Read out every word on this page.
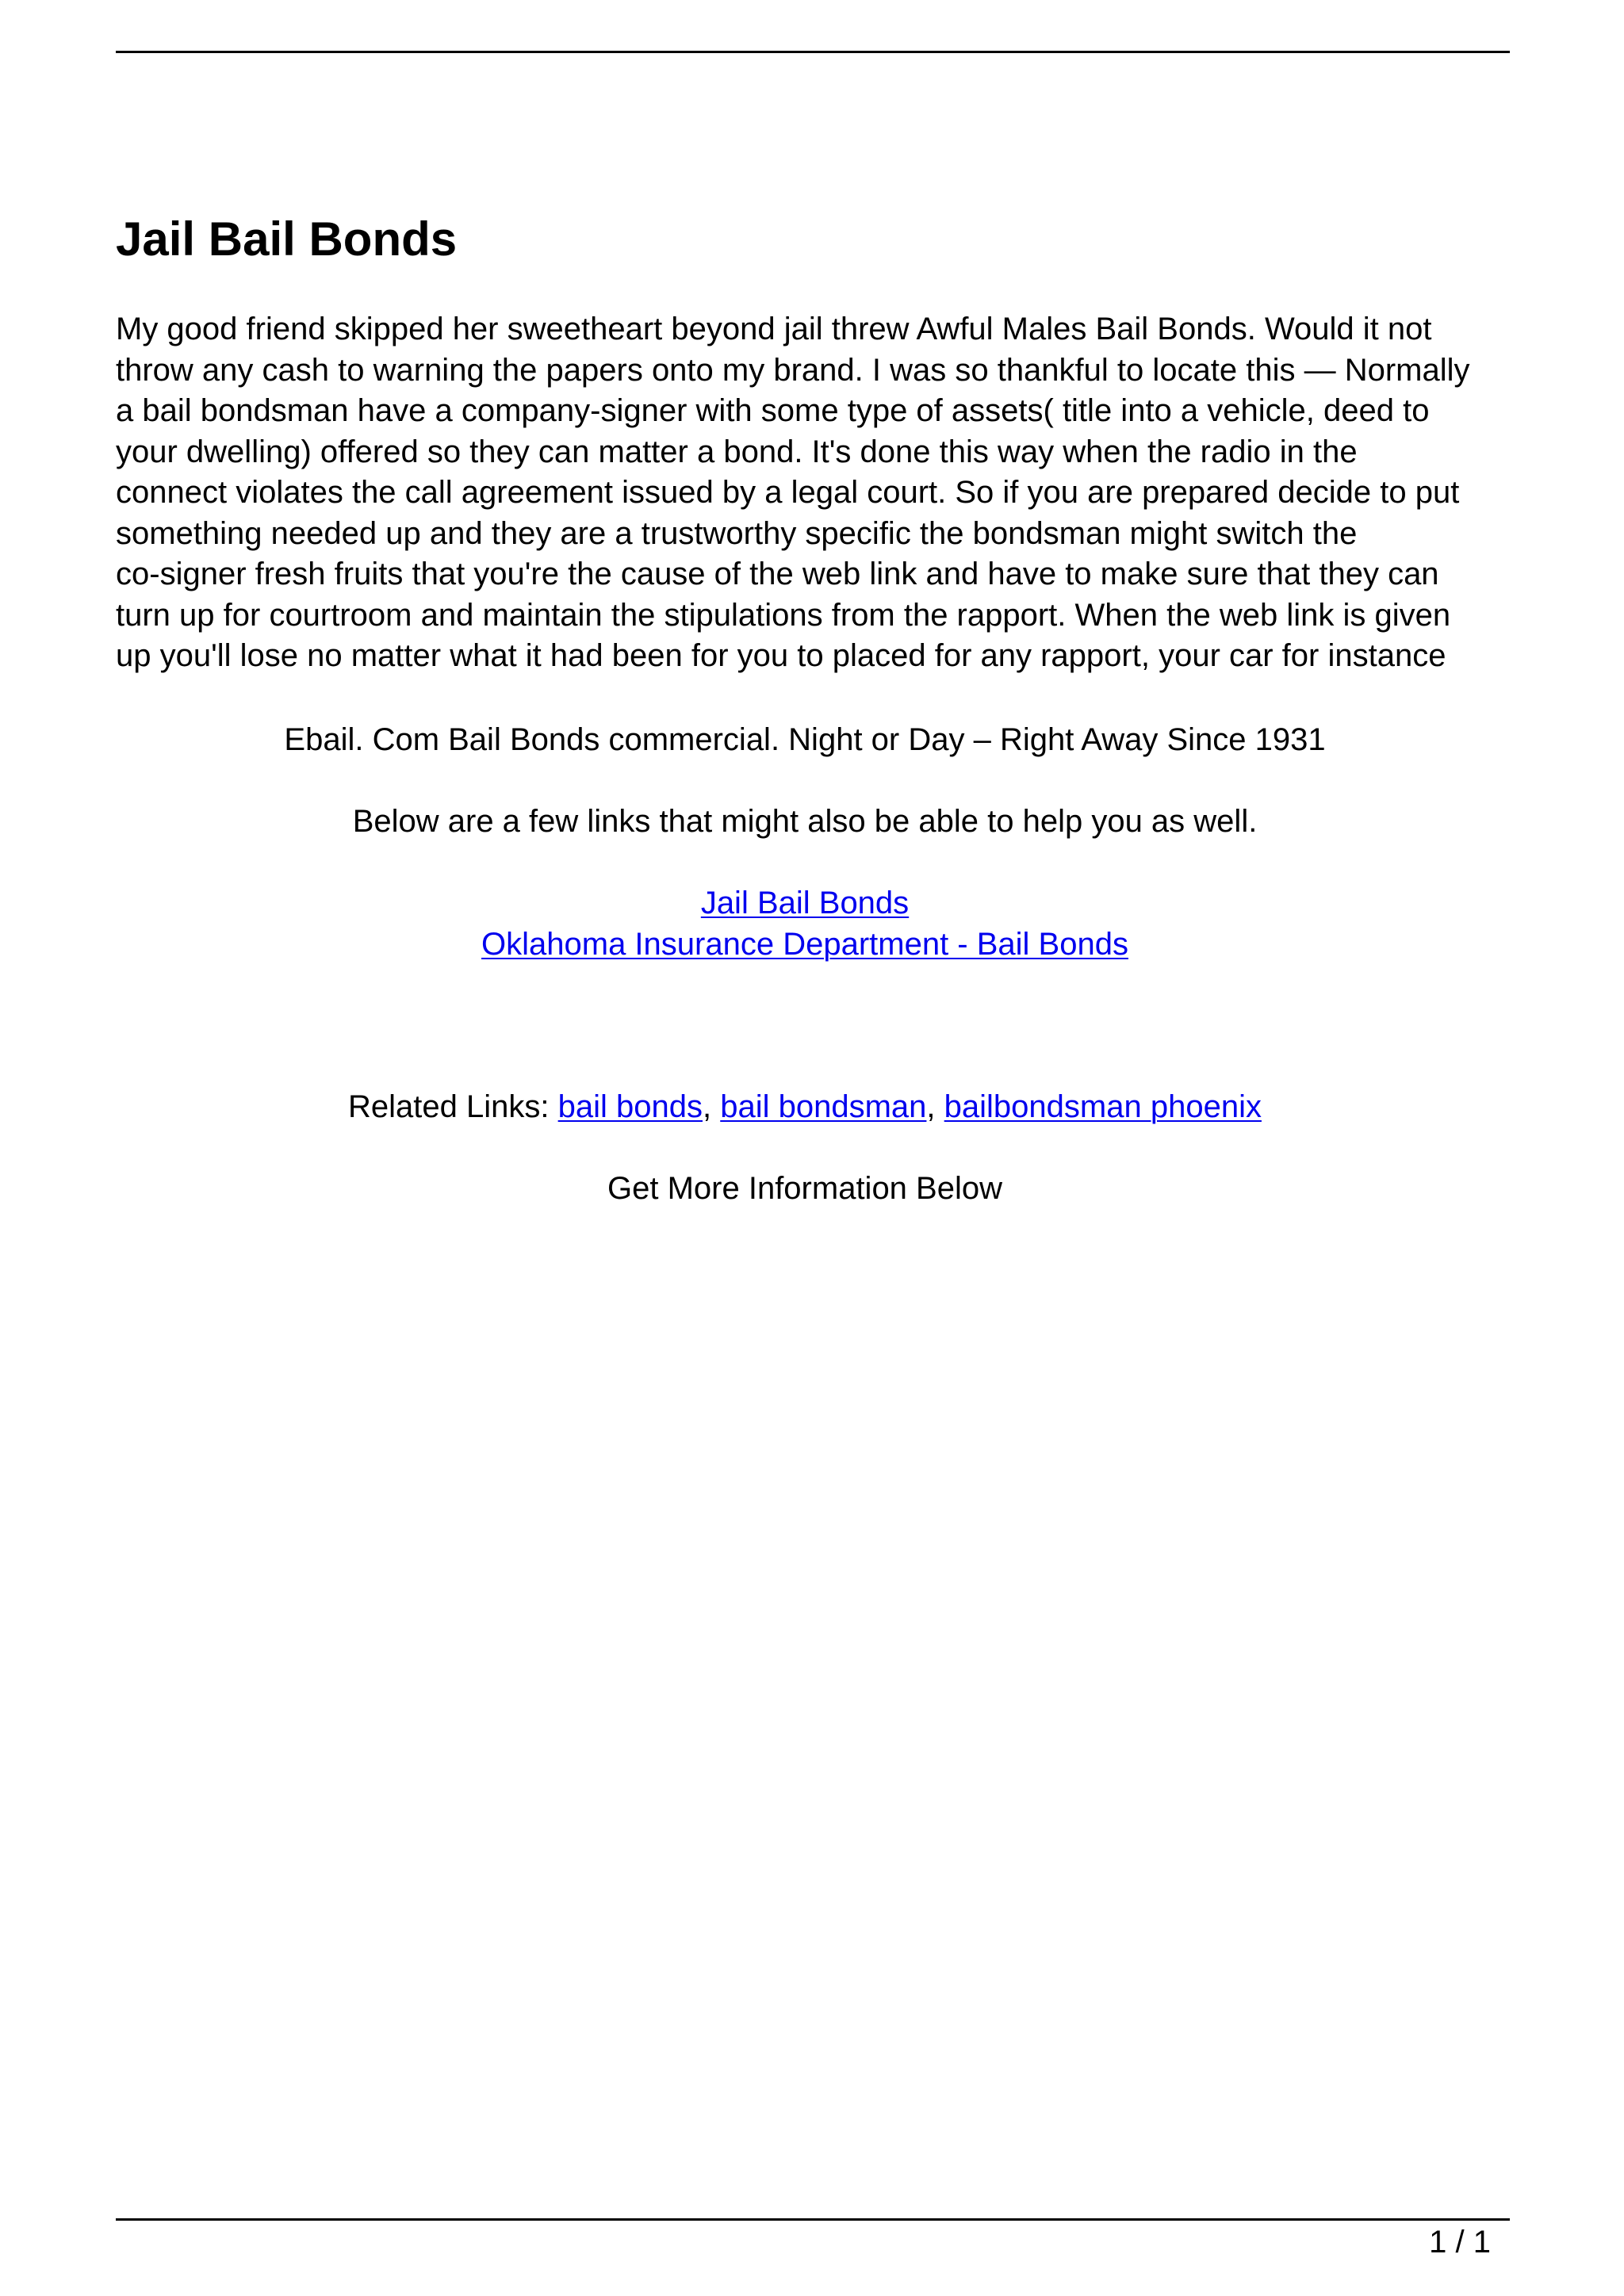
Jail Bail Bonds

My good friend skipped her sweetheart beyond jail threw Awful Males Bail Bonds. Would it not
throw any cash to warning the papers onto my brand. I was so thankful to locate this — Normally
a bail bondsman have a company-signer with some type of assets( title into a vehicle, deed to
your dwelling) offered so they can matter a bond. It's done this way when the radio in the
connect violates the call agreement issued by a legal court. So if you are prepared decide to put
something needed up and they are a trustworthy specific the bondsman might switch the
co-signer fresh fruits that you're the cause of the web link and have to make sure that they can
turn up for courtroom and maintain the stipulations from the rapport. When the web link is given
up you'll lose no matter what it had been for you to placed for any rapport, your car for instance

Ebail. Com Bail Bonds commercial. Night or Day – Right Away Since 1931

Below are a few links that might also be able to help you as well.

Jail Bail Bonds
Oklahoma Insurance Department - Bail Bonds

Related Links: bail bonds, bail bondsman, bailbondsman phoenix

Get More Information Below

1 / 1
